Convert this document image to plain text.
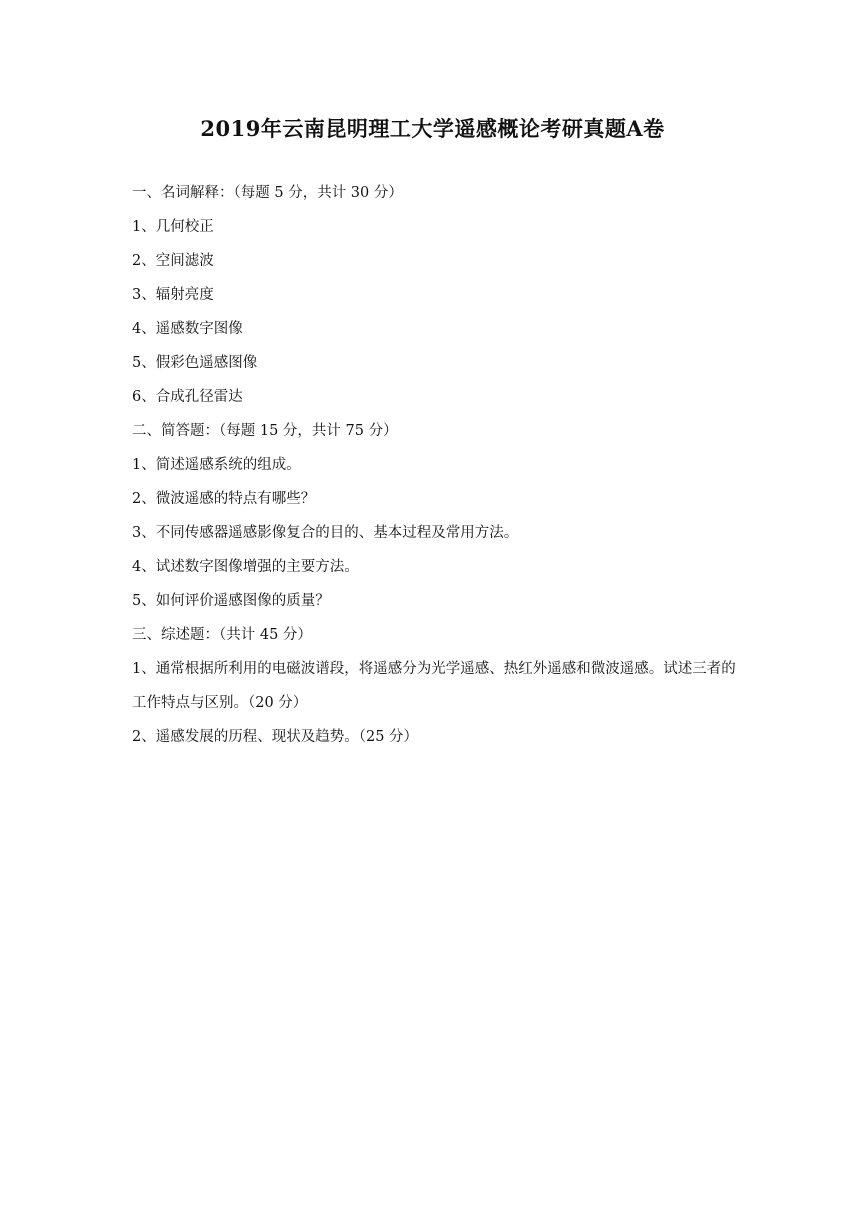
2019年云南昆明理工大学遥感概论考研真题A卷

一、名词解释：（每题 5 分，共计 30 分）

1、几何校正

2、空间滤波

3、辐射亮度

4、遥感数字图像

5、假彩色遥感图像

6、合成孔径雷达

二、简答题：（每题 15 分，共计 75 分）

1、简述遥感系统的组成。

2、微波遥感的特点有哪些？

3、不同传感器遥感影像复合的目的、基本过程及常用方法。

4、试述数字图像增强的主要方法。

5、如何评价遥感图像的质量？

三、综述题：（共计 45 分）

1、通常根据所利用的电磁波谱段，将遥感分为光学遥感、热红外遥感和微波遥感。试述三者的工作特点与区别。（20 分）

2、遥感发展的历程、现状及趋势。（25 分）
